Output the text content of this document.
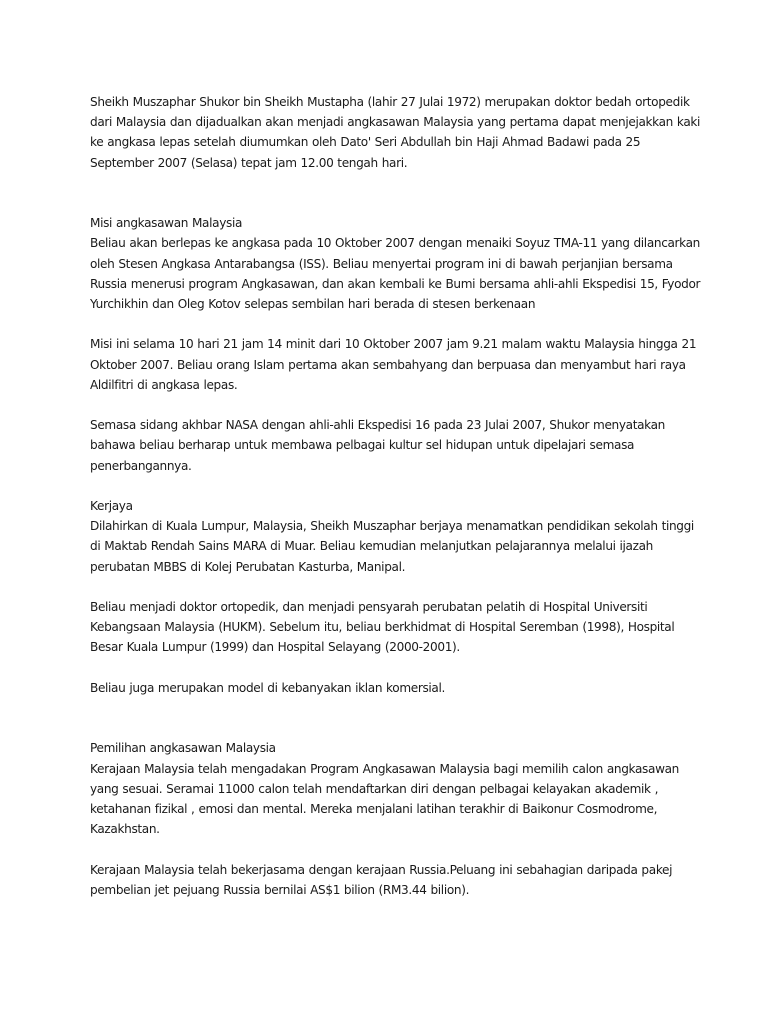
Sheikh Muszaphar Shukor bin Sheikh Mustapha (lahir 27 Julai 1972) merupakan doktor bedah ortopedik
dari Malaysia dan dijadualkan akan menjadi angkasawan Malaysia yang pertama dapat menjejakkan kaki
ke angkasa lepas setelah diumumkan oleh Dato' Seri Abdullah bin Haji Ahmad Badawi pada 25
September 2007 (Selasa) tepat jam 12.00 tengah hari.

Misi angkasawan Malaysia
Beliau akan berlepas ke angkasa pada 10 Oktober 2007 dengan menaiki Soyuz TMA-11 yang dilancarkan
oleh Stesen Angkasa Antarabangsa (ISS). Beliau menyertai program ini di bawah perjanjian bersama
Russia menerusi program Angkasawan, dan akan kembali ke Bumi bersama ahli-ahli Ekspedisi 15, Fyodor
Yurchikhin dan Oleg Kotov selepas sembilan hari berada di stesen berkenaan

Misi ini selama 10 hari 21 jam 14 minit dari 10 Oktober 2007 jam 9.21 malam waktu Malaysia hingga 21
Oktober 2007. Beliau orang Islam pertama akan sembahyang dan berpuasa dan menyambut hari raya
Aldilfitri di angkasa lepas.

Semasa sidang akhbar NASA dengan ahli-ahli Ekspedisi 16 pada 23 Julai 2007, Shukor menyatakan
bahawa beliau berharap untuk membawa pelbagai kultur sel hidupan untuk dipelajari semasa
penerbangannya.

Kerjaya
Dilahirkan di Kuala Lumpur, Malaysia, Sheikh Muszaphar berjaya menamatkan pendidikan sekolah tinggi
di Maktab Rendah Sains MARA di Muar. Beliau kemudian melanjutkan pelajarannya melalui ijazah
perubatan MBBS di Kolej Perubatan Kasturba, Manipal.

Beliau menjadi doktor ortopedik, dan menjadi pensyarah perubatan pelatih di Hospital Universiti
Kebangsaan Malaysia (HUKM). Sebelum itu, beliau berkhidmat di Hospital Seremban (1998), Hospital
Besar Kuala Lumpur (1999) dan Hospital Selayang (2000-2001).

Beliau juga merupakan model di kebanyakan iklan komersial.

Pemilihan angkasawan Malaysia
Kerajaan Malaysia telah mengadakan Program Angkasawan Malaysia bagi memilih calon angkasawan
yang sesuai. Seramai 11000 calon telah mendaftarkan diri dengan pelbagai kelayakan akademik ,
ketahanan fizikal , emosi dan mental. Mereka menjalani latihan terakhir di Baikonur Cosmodrome,
Kazakhstan.

Kerajaan Malaysia telah bekerjasama dengan kerajaan Russia.Peluang ini sebahagian daripada pakej
pembelian jet pejuang Russia bernilai AS$1 bilion (RM3.44 bilion).
